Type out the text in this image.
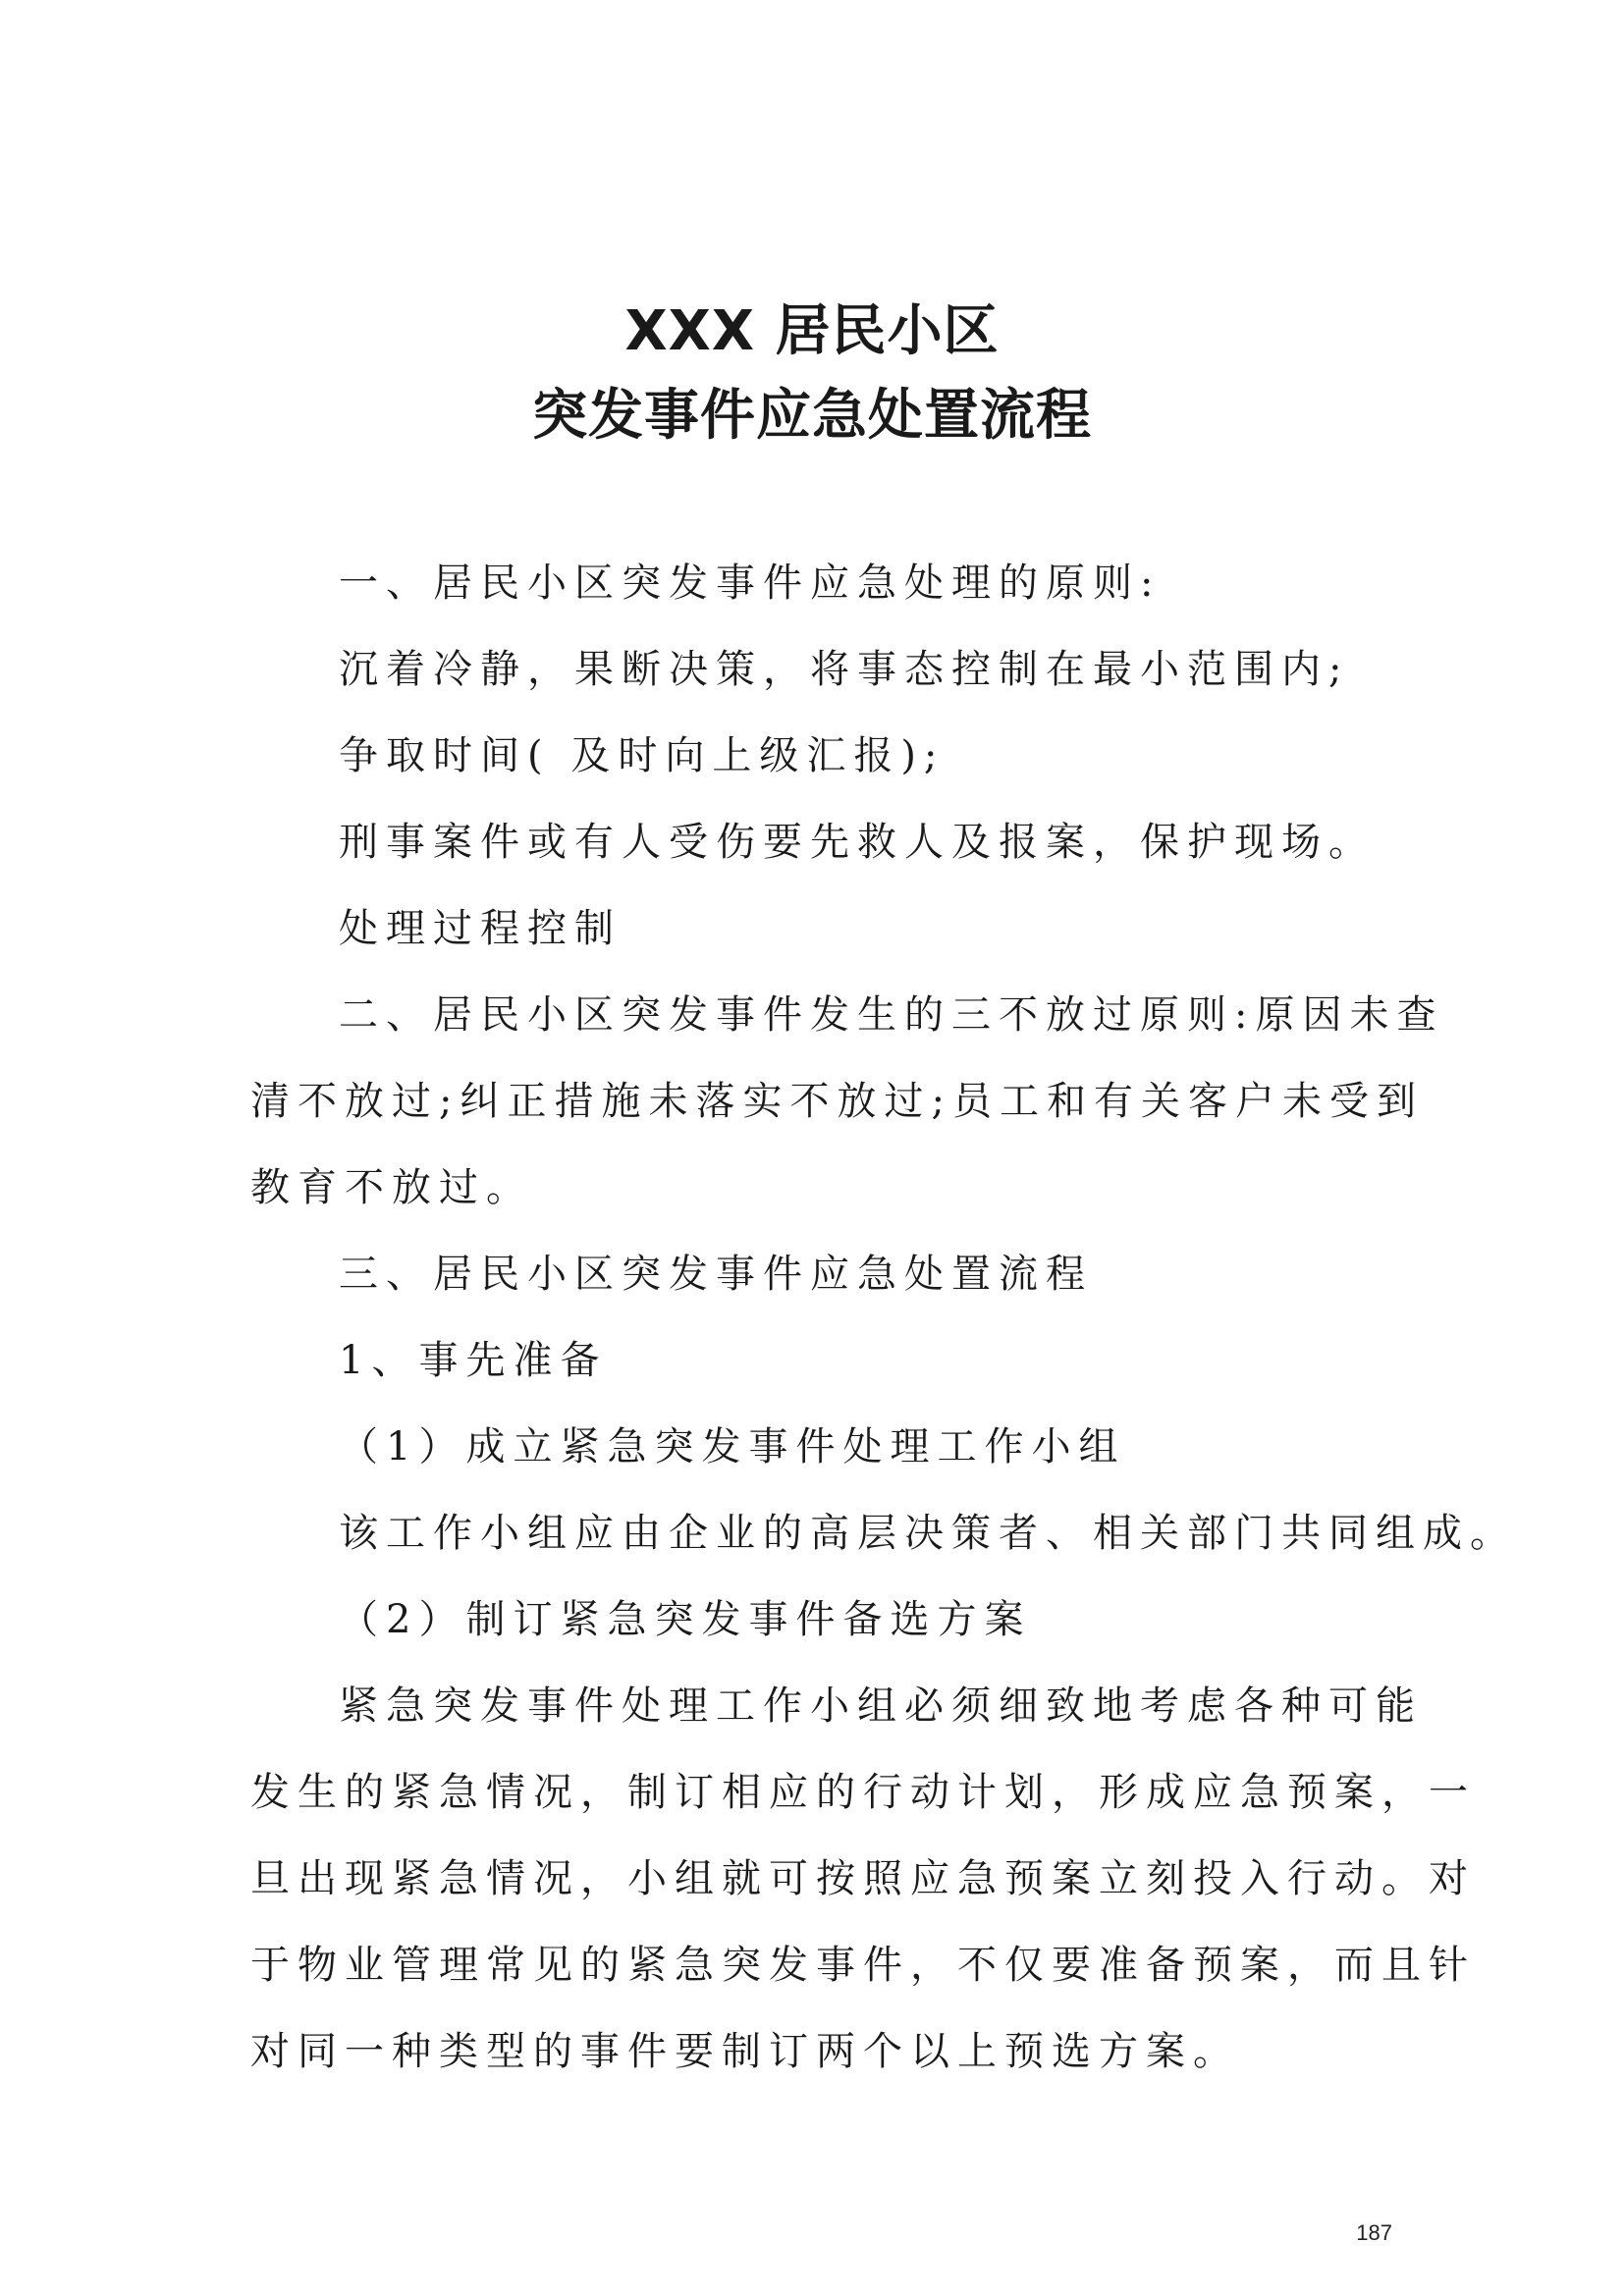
XXX 居民小区
突发事件应急处置流程
一、居民小区突发事件应急处理的原则:
沉着冷静，果断决策，将事态控制在最小范围内;
争取时间( 及时向上级汇报);
刑事案件或有人受伤要先救人及报案，保护现场。
处理过程控制
二、居民小区突发事件发生的三不放过原则:原因未查
清不放过;纠正措施未落实不放过;员工和有关客户未受到
教育不放过。
三、居民小区突发事件应急处置流程
1、事先准备
（1）成立紧急突发事件处理工作小组
该工作小组应由企业的高层决策者、相关部门共同组成。
（2）制订紧急突发事件备选方案
紧急突发事件处理工作小组必须细致地考虑各种可能
发生的紧急情况，制订相应的行动计划，形成应急预案，一
旦出现紧急情况，小组就可按照应急预案立刻投入行动。对
于物业管理常见的紧急突发事件，不仅要准备预案，而且针
对同一种类型的事件要制订两个以上预选方案。
187
